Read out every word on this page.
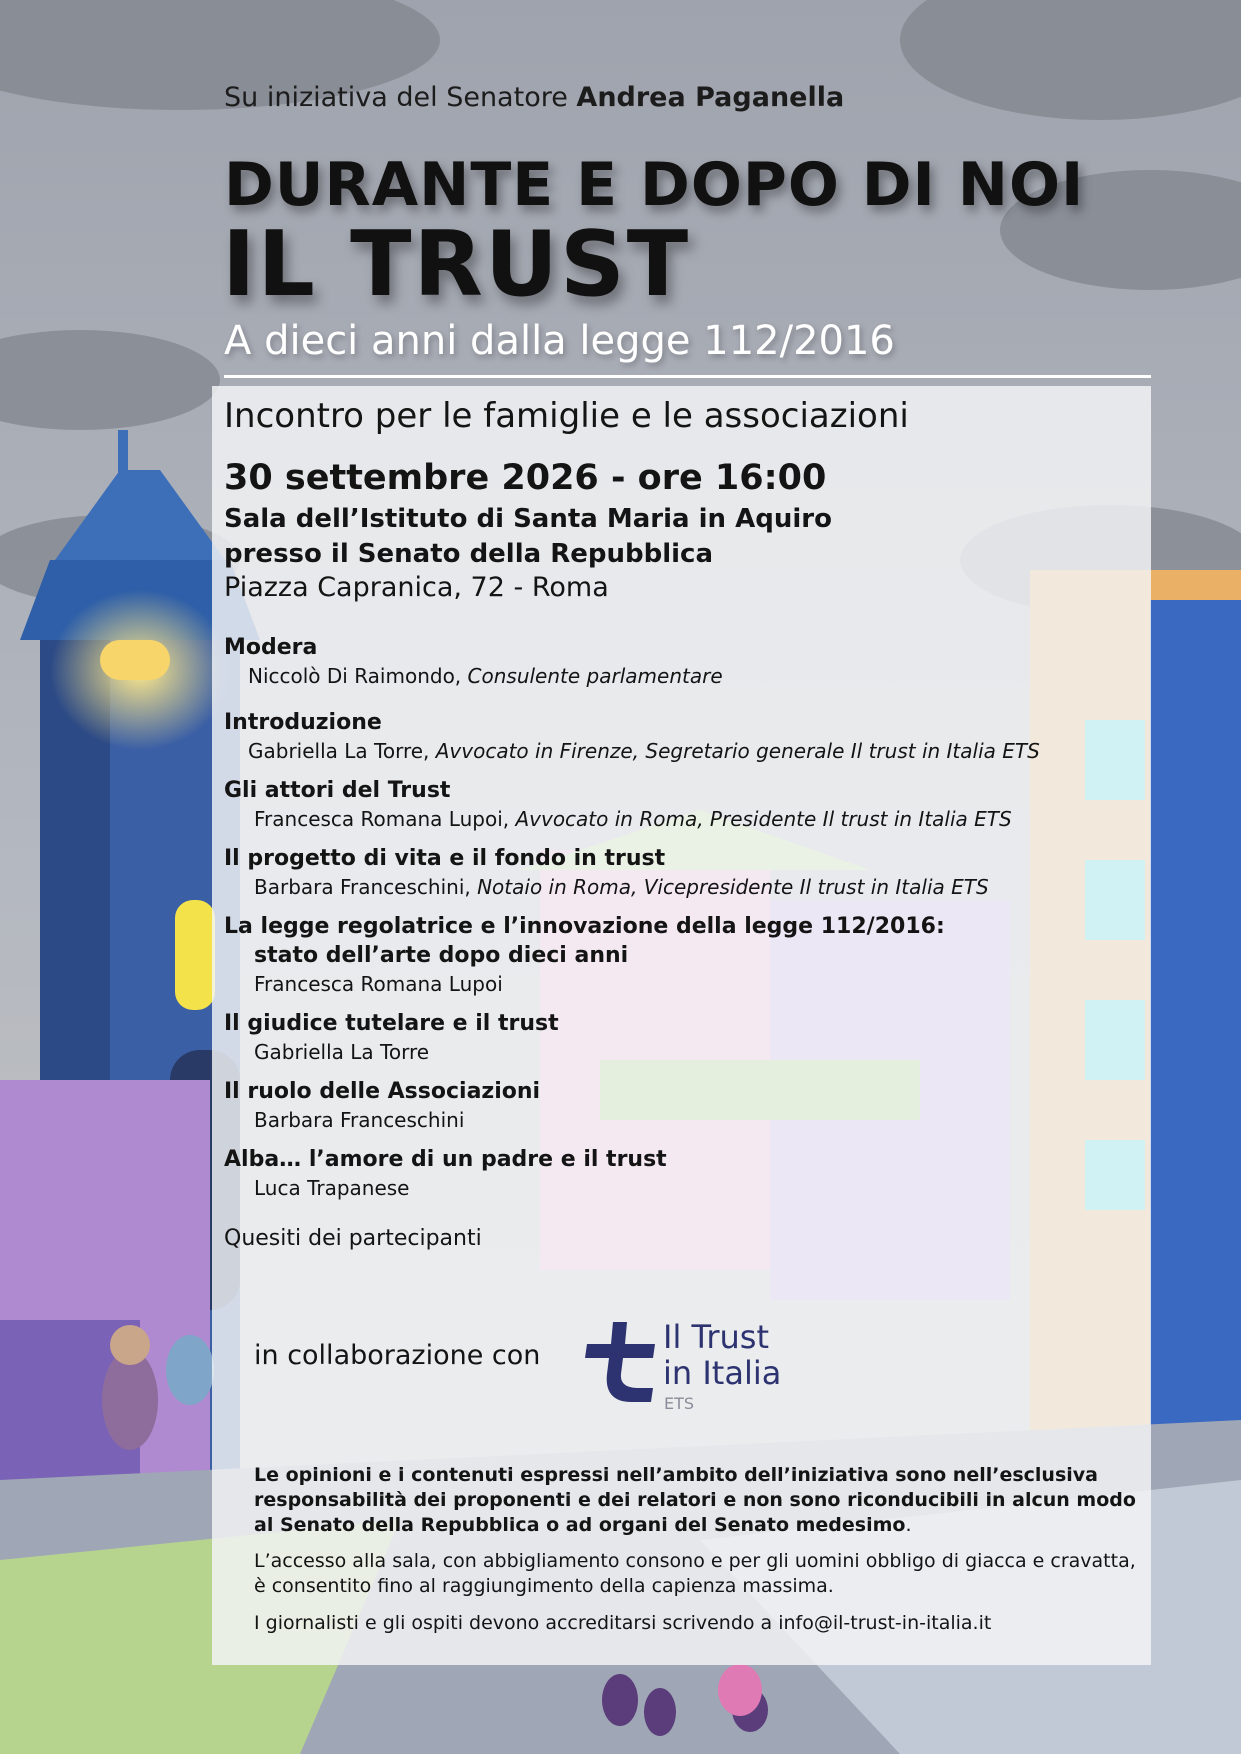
Su iniziativa del Senatore Andrea Paganella
DURANTE E DOPO DI NOI
IL TRUST
A dieci anni dalla legge 112/2016
Incontro per le famiglie e le associazioni
30 settembre 2026 - ore 16:00
Sala dell’Istituto di Santa Maria in Aquiro
presso il Senato della Repubblica
Piazza Capranica, 72 - Roma
Modera
Niccolò Di Raimondo, Consulente parlamentare
Introduzione
Gabriella La Torre, Avvocato in Firenze, Segretario generale Il trust in Italia ETS
Gli attori del Trust
Francesca Romana Lupoi, Avvocato in Roma, Presidente Il trust in Italia ETS
Il progetto di vita e il fondo in trust
Barbara Franceschini, Notaio in Roma, Vicepresidente Il trust in Italia ETS
La legge regolatrice e l’innovazione della legge 112/2016:
stato dell’arte dopo dieci anni
Francesca Romana Lupoi
Il giudice tutelare e il trust
Gabriella La Torre
Il ruolo delle Associazioni
Barbara Franceschini
Alba… l’amore di un padre e il trust
Luca Trapanese
Quesiti dei partecipanti
in collaborazione con	Il Trust
in Italia
ETS
Le opinioni e i contenuti espressi nell’ambito dell’iniziativa sono nell’esclusiva responsabilità dei proponenti e dei relatori e non sono riconducibili in alcun modo al Senato della Repubblica o ad organi del Senato medesimo.
L’accesso alla sala, con abbigliamento consono e per gli uomini obbligo di giacca e cravatta, è consentito fino al raggiungimento della capienza massima.
I giornalisti e gli ospiti devono accreditarsi scrivendo a info@il-trust-in-italia.it
